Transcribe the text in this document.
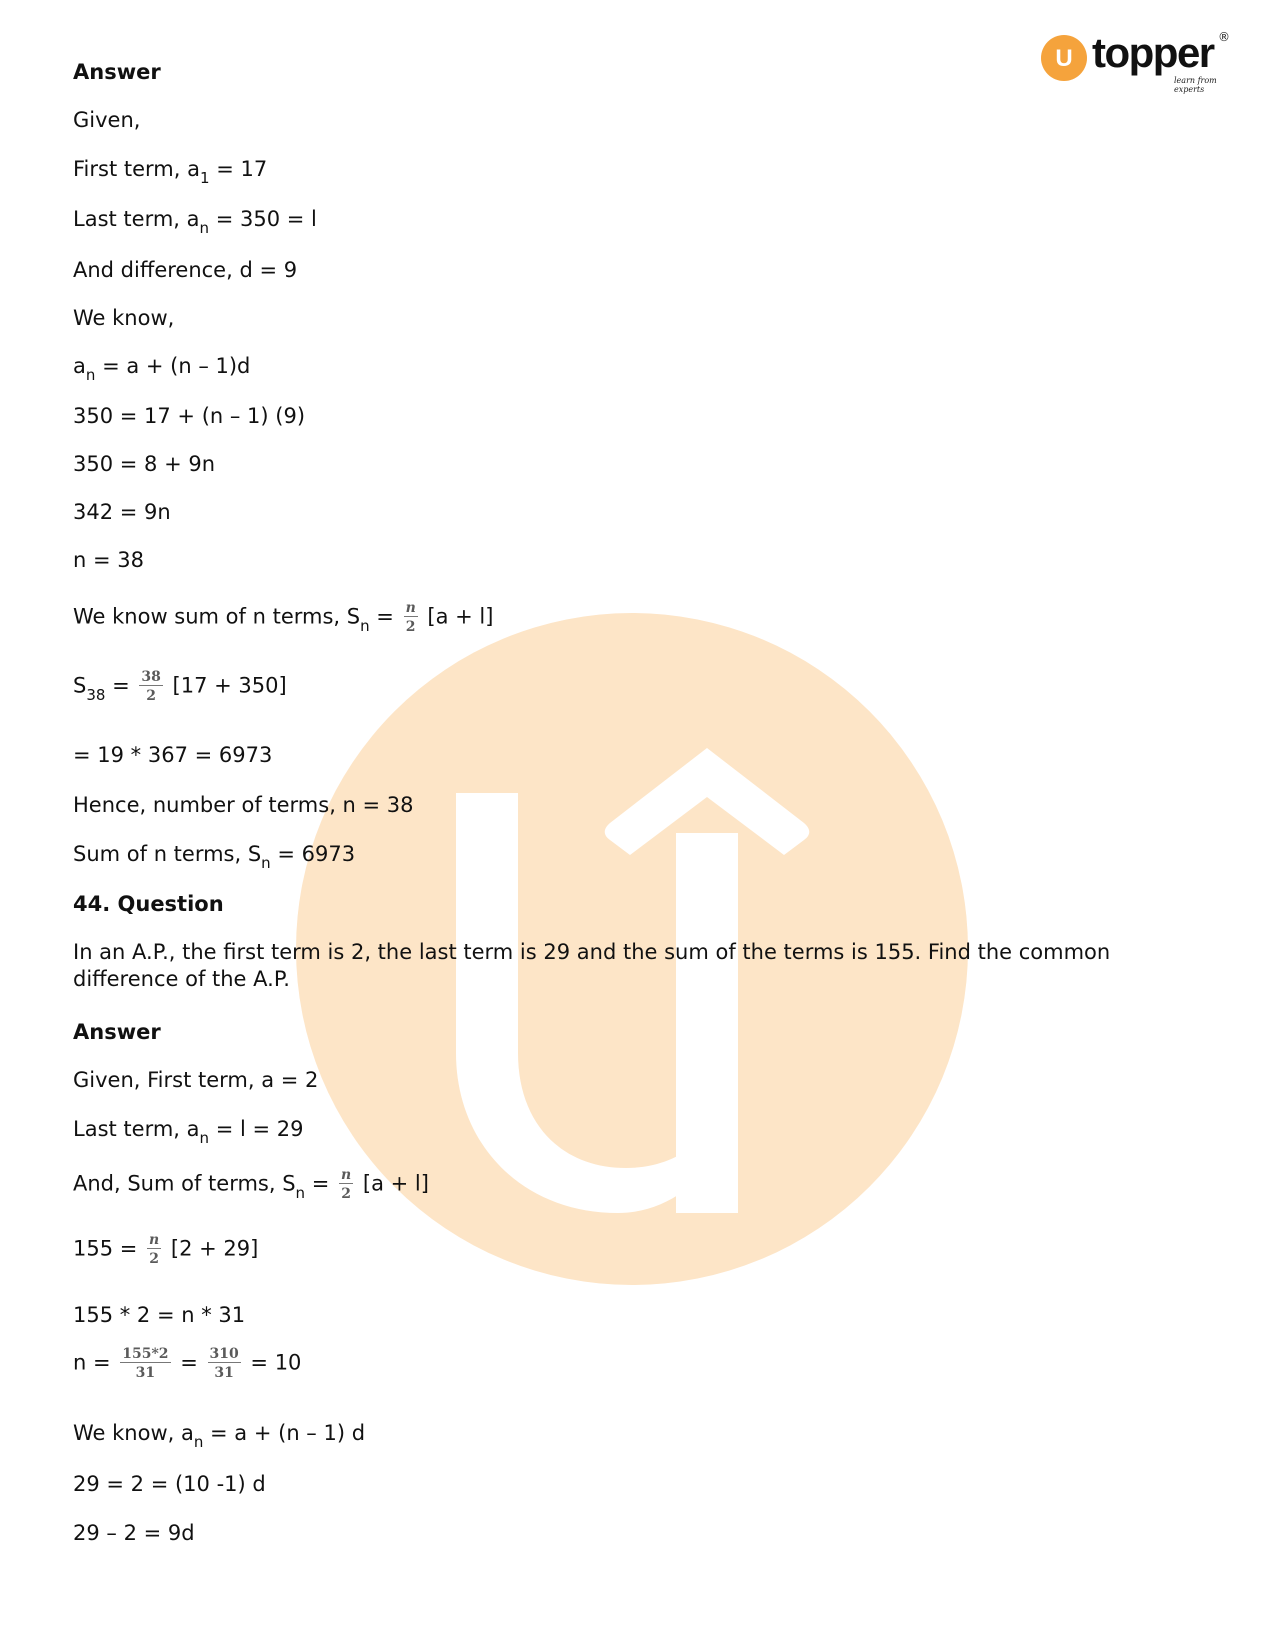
U topper
learn from experts
®
Answer
Given,
First term, $a_1 = 17$
Last term, $a_n = 350 = l$
And difference, d = 9
We know,
$a_n = a + (n - 1)d$
350 = 17 + (n – 1) (9)
350 = 8 + 9n
342 = 9n
n = 38
We know sum of n terms, $S_n = \frac{n}{2} [a + l]$
$S_{38} = \frac{38}{2} [17 + 350]$
= 19 * 367 = 6973
Hence, number of terms, n = 38
Sum of n terms, $S_n = 6973$
44. Question
In an A.P., the first term is 2, the last term is 29 and the sum of the terms is 155. Find the common difference of the A.P.
Answer
Given, First term, a = 2
Last term, $a_n = l = 29$
And, Sum of terms, $S_n = \frac{n}{2} [a + l]$
$155 = \frac{n}{2} [2 + 29]$
155 * 2 = n * 31
$n = \frac{155*2}{31} = \frac{310}{31} = 10$
We know, $a_n = a + (n - 1)$ d
29 = 2 = (10 -1) d
29 – 2 = 9d
